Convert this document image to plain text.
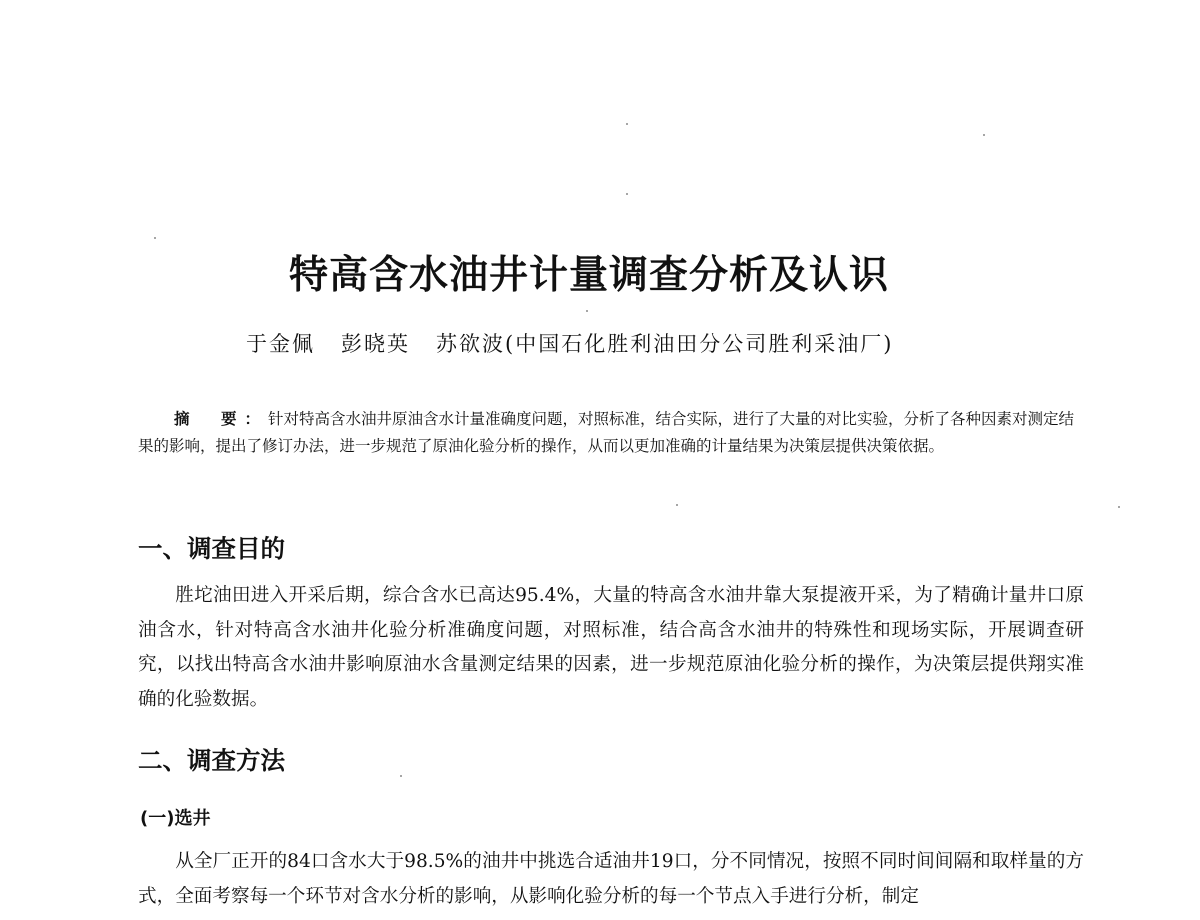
特高含水油井计量调查分析及认识
于金佩 彭晓英 苏欲波(中国石化胜利油田分公司胜利采油厂)

摘　要：针对特高含水油井原油含水计量准确度问题，对照标准，结合实际，进行了大量的对比实验，分析了各种因素对测定结果的影响，提出了修订办法，进一步规范了原油化验分析的操作，从而以更加准确的计量结果为决策层提供决策依据。

一、调查目的

胜坨油田进入开采后期，综合含水已高达95.4%，大量的特高含水油井靠大泵提液开采，为了精确计量井口原油含水，针对特高含水油井化验分析准确度问题，对照标准，结合高含水油井的特殊性和现场实际，开展调查研究，以找出特高含水油井影响原油水含量测定结果的因素，进一步规范原油化验分析的操作，为决策层提供翔实准确的化验数据。

二、调查方法
(一)选井

从全厂正开的84口含水大于98.5%的油井中挑选合适油井19口，分不同情况，按照不同时间间隔和取样量的方式，全面考察每一个环节对含水分析的影响，从影响化验分析的每一个节点入手进行分析，制定
